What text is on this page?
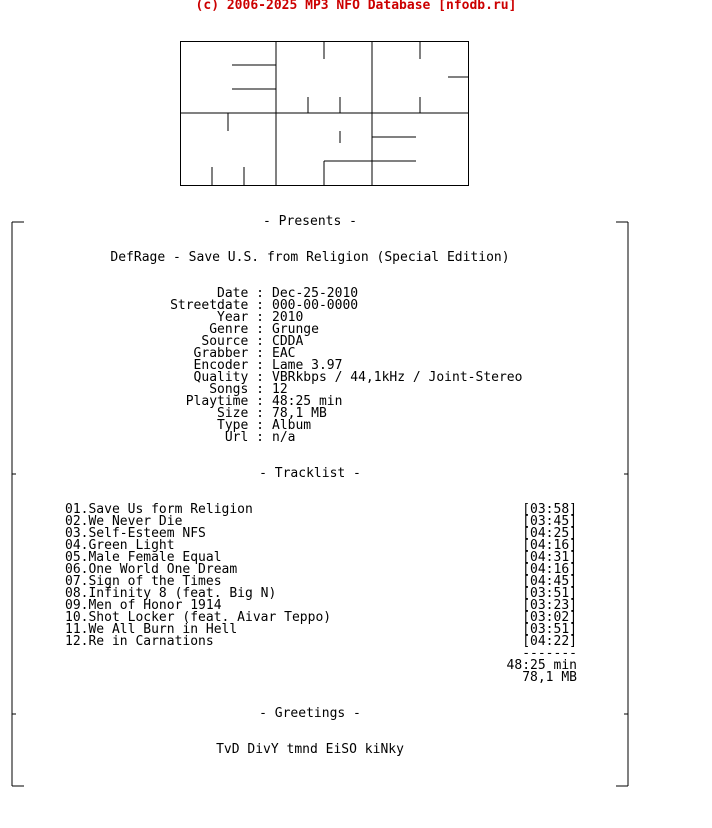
(c) 2006-2025 MP3 NFO Database [nfodb.ru]
- Presents -
DefRage - Save U.S. from Religion (Special Edition)
Date : Dec-25-2010
Streetdate : 000-00-0000
Year : 2010
Genre : Grunge
Source : CDDA
Grabber : EAC
Encoder : Lame 3.97
Quality : VBRkbps / 44,1kHz / Joint-Stereo
Songs : 12
Playtime : 48:25 min
Size : 78,1 MB
Type : Album
Url : n/a
- Tracklist -
01.Save Us form Religion	[03:58]
02.We Never Die	[03:45]
03.Self-Esteem NFS	[04:25]
04.Green Light	[04:16]
05.Male Female Equal	[04:31]
06.One World One Dream	[04:16]
07.Sign of the Times	[04:45]
08.Infinity 8 (feat. Big N)	[03:51]
09.Men of Honor 1914	[03:23]
10.Shot Locker (feat. Aivar Teppo)	[03:02]
11.We All Burn in Hell	[03:51]
12.Re in Carnations	[04:22]
-------
48:25 min
78,1 MB
- Greetings -
TvD DivY tmnd EiSO kiNky
